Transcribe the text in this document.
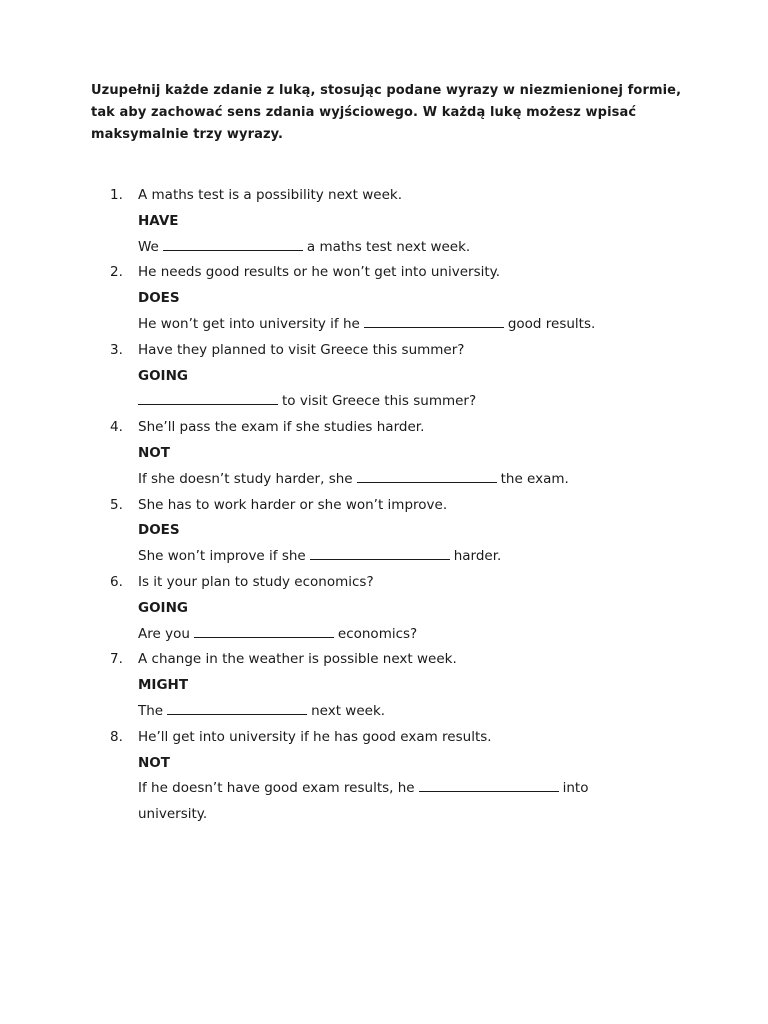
Uzupełnij każde zdanie z luką, stosując podane wyrazy w niezmienionej formie, tak aby zachować sens zdania wyjściowego. W każdą lukę możesz wpisać maksymalnie trzy wyrazy.

1.	A maths test is a possibility next week.
HAVE
We	a maths test next week.
2.	He needs good results or he won’t get into university.
DOES
He won’t get into university if he	good results.
3.	Have they planned to visit Greece this summer?
GOING
to visit Greece this summer?
4.	She’ll pass the exam if she studies harder.
NOT
If she doesn’t study harder, she	the exam.
5.	She has to work harder or she won’t improve.
DOES
She won’t improve if she	harder.
6.	Is it your plan to study economics?
GOING
Are you	economics?
7.	A change in the weather is possible next week.
MIGHT
The	next week.
8.	He’ll get into university if he has good exam results.
NOT
If he doesn’t have good exam results, he	into university.
